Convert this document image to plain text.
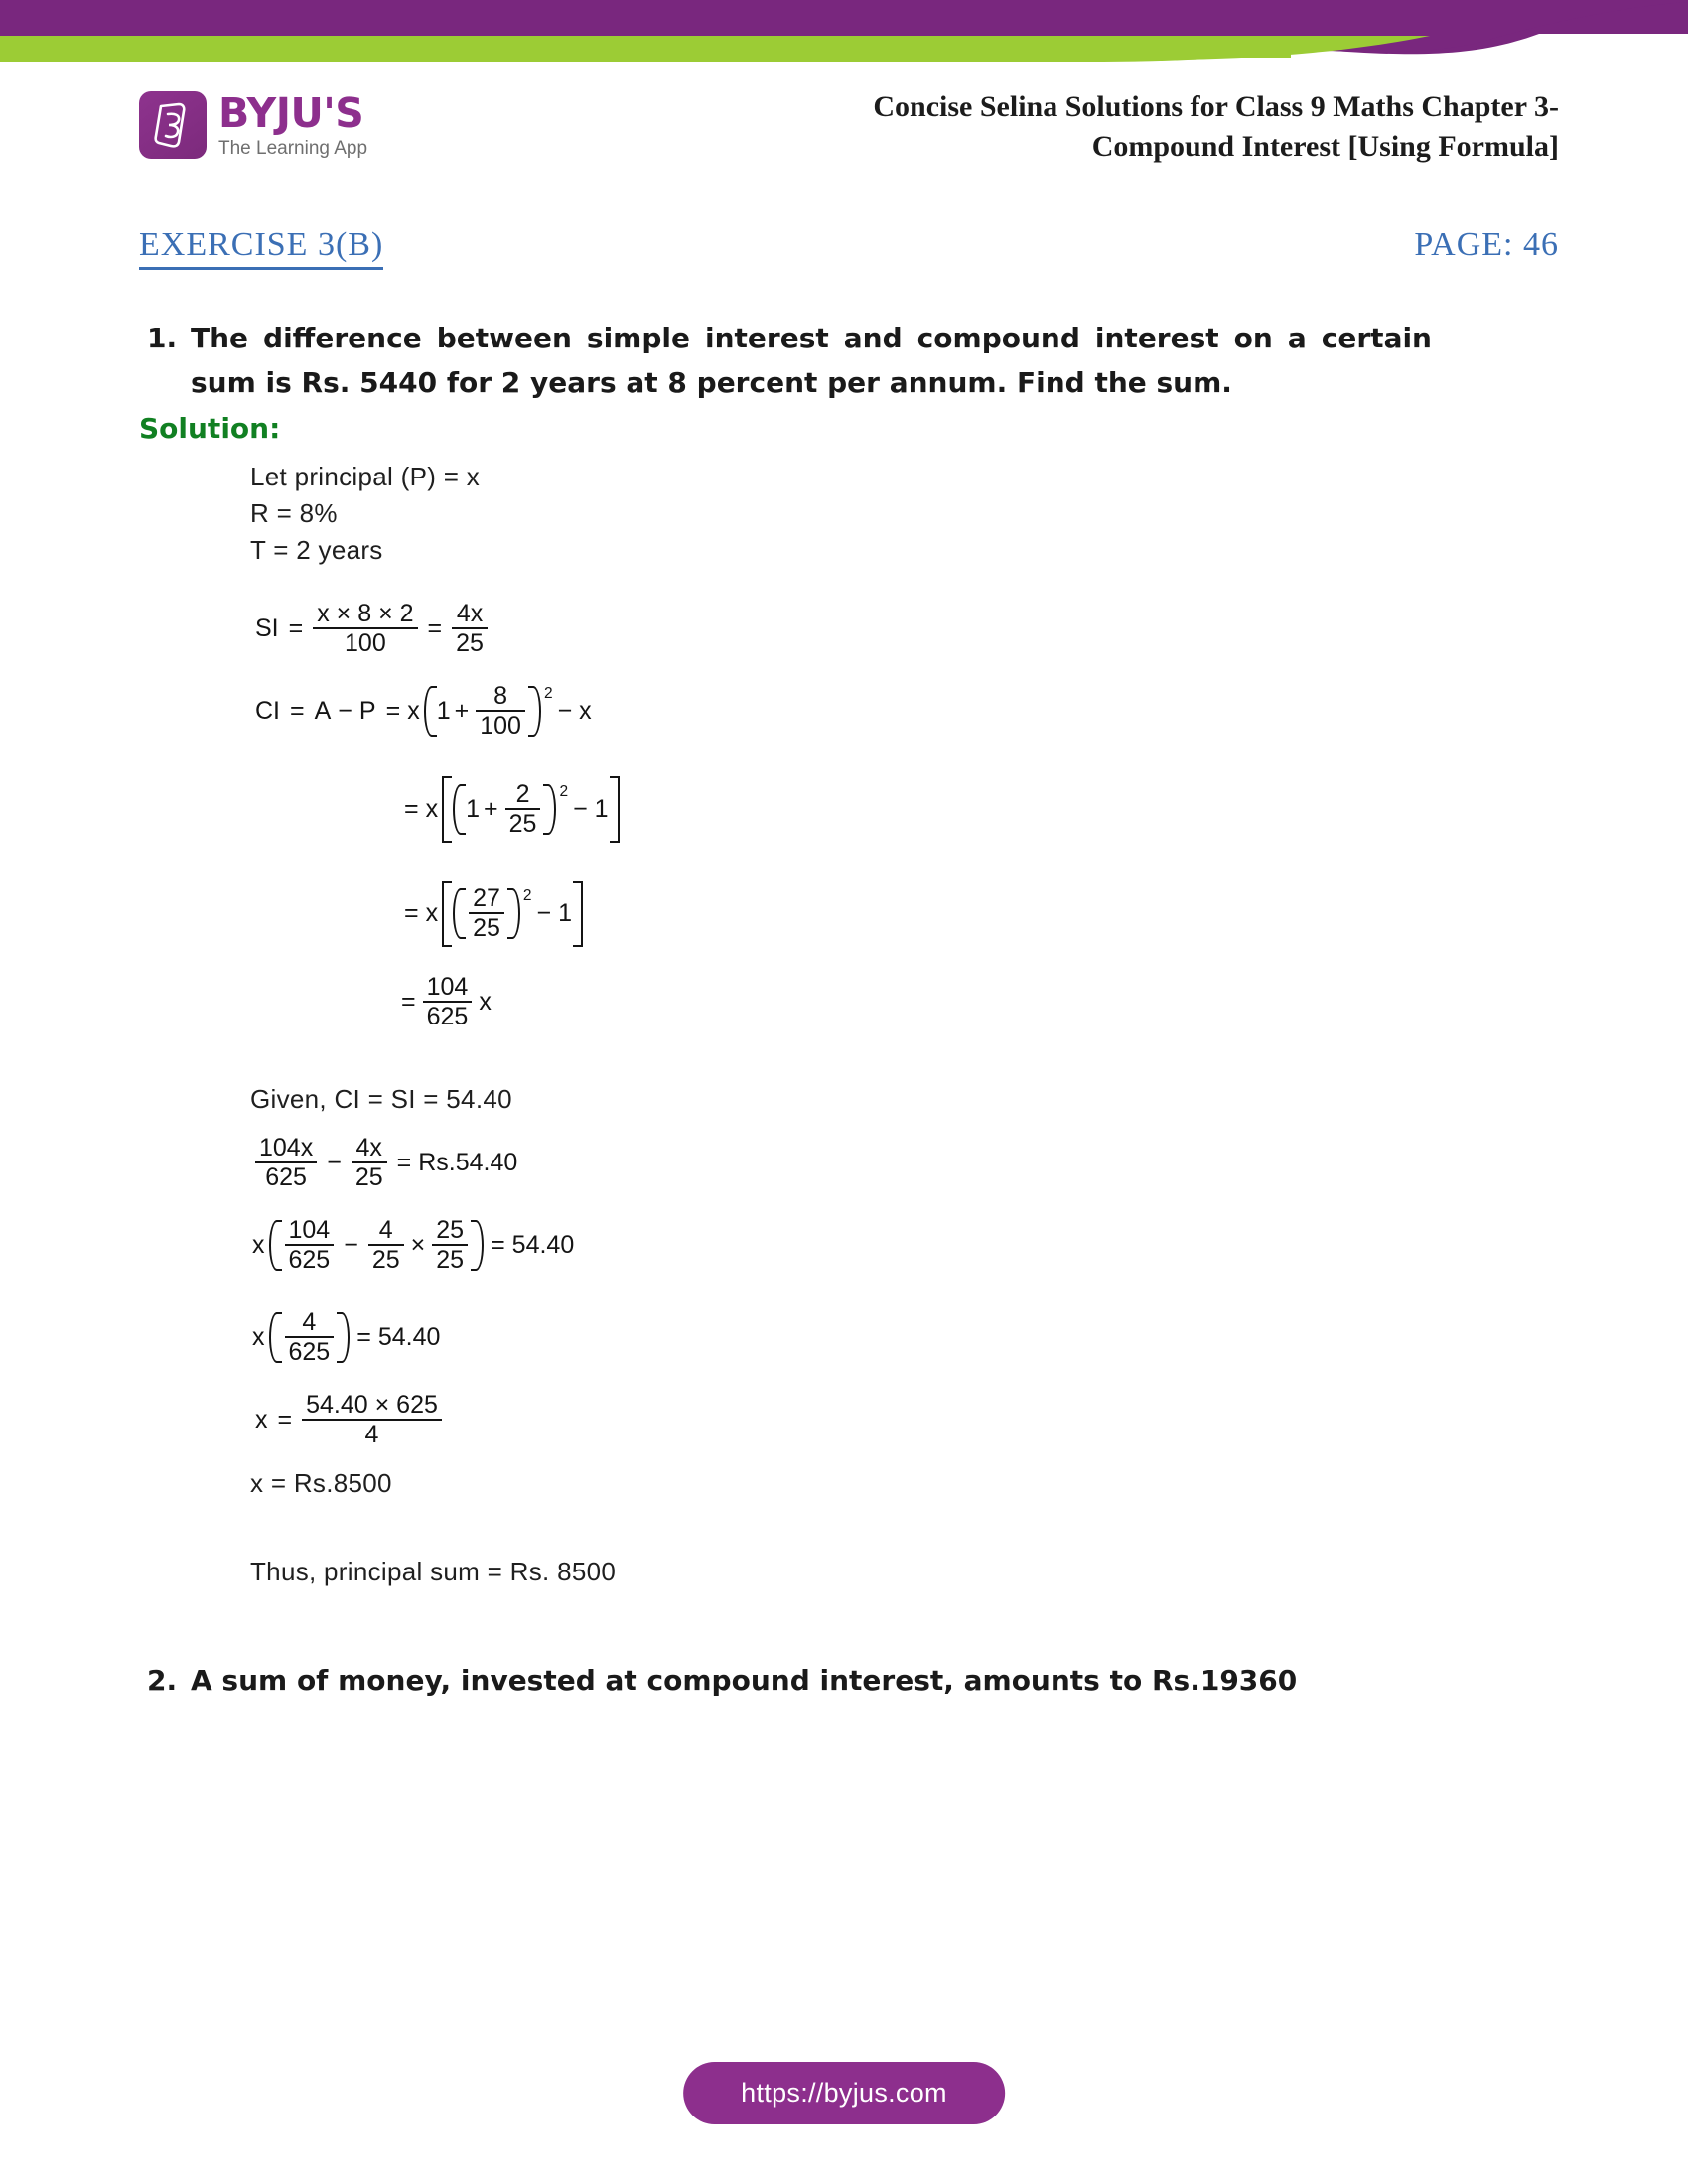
BYJU'S
The Learning App
Concise Selina Solutions for Class 9 Maths Chapter 3-
Compound Interest [Using Formula]
EXERCISE 3(B)	PAGE: 46
1. The difference between simple interest and compound interest on a certain sum is Rs. 5440 for 2 years at 8 percent per annum. Find the sum.
Solution:
Let principal (P) = x
R = 8%
T = 2 years
SI = $\frac{x \times 8 \times 2}{100} = \frac{4x}{25}$
CI = A − P = x $1 + \frac{8}{100} 2$
− x
= x $1 + \frac{2}{25} 2$
− 1
= x $\frac{27}{25} 2$
− 1
= $\frac{104}{625}$ x
Given, CI = SI = 54.40
$\frac{104x}{625} - \frac{4x}{25} = Rs.54.40$
x $\frac{104}{625} - \frac{4}{25} \times \frac{25}{25} = 54.40$
x $\frac{4}{625} = 54.40$
$x = \frac{54.40 \times 625}{4}$
x = Rs.8500
Thus, principal sum = Rs. 8500
2. A sum of money, invested at compound interest, amounts to Rs.19360
https://byjus.com
